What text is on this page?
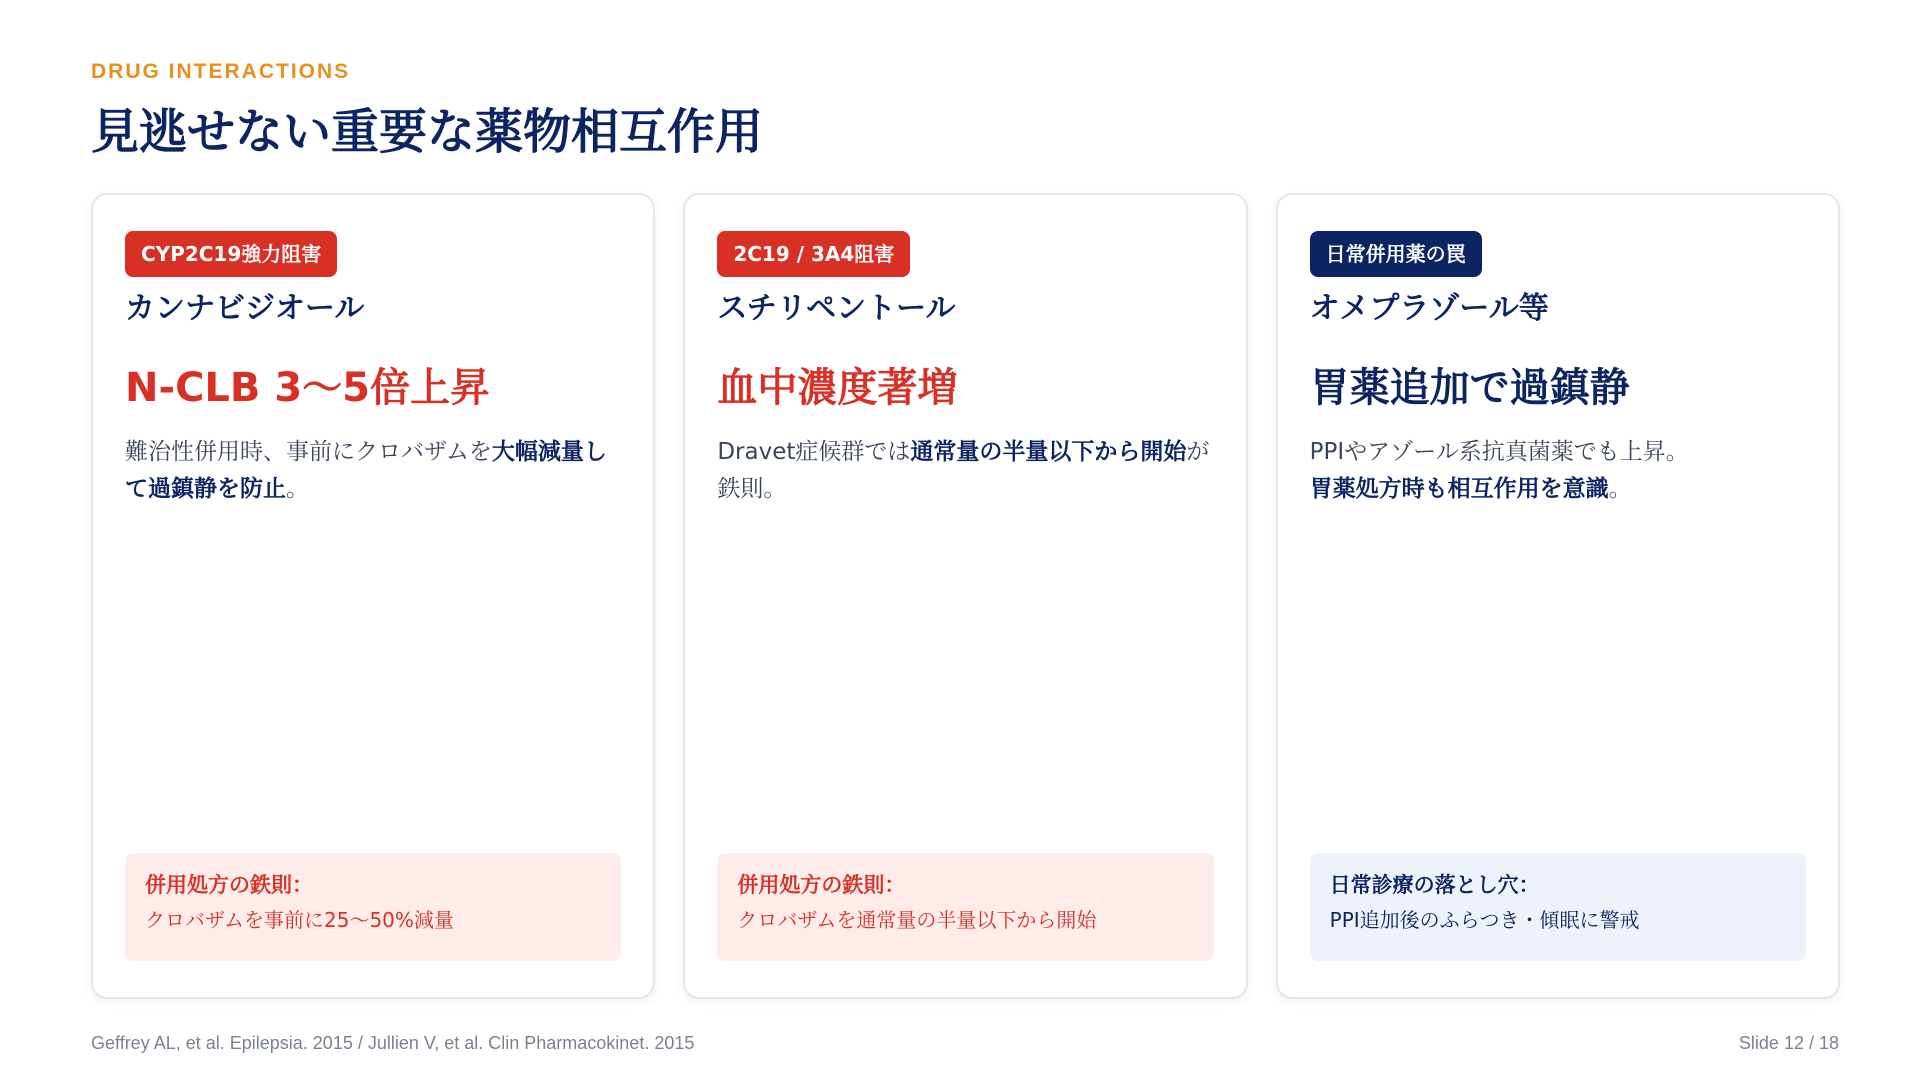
DRUG INTERACTIONS
見逃せない重要な薬物相互作用
CYP2C19強力阻害
カンナビジオール
N-CLB 3〜5倍上昇
難治性併用時、事前にクロバザムを大幅減量して過鎮静を防止。
併用処方の鉄則：
クロバザムを事前に25〜50%減量
2C19 / 3A4阻害
スチリペントール
血中濃度著増
Dravet症候群では通常量の半量以下から開始が鉄則。
併用処方の鉄則：
クロバザムを通常量の半量以下から開始
日常併用薬の罠
オメプラゾール等
胃薬追加で過鎮静
PPIやアゾール系抗真菌薬でも上昇。
胃薬処方時も相互作用を意識。
日常診療の落とし穴：
PPI追加後のふらつき・傾眠に警戒
Geffrey AL, et al. Epilepsia. 2015 / Jullien V, et al. Clin Pharmacokinet. 2015	Slide 12 / 18
